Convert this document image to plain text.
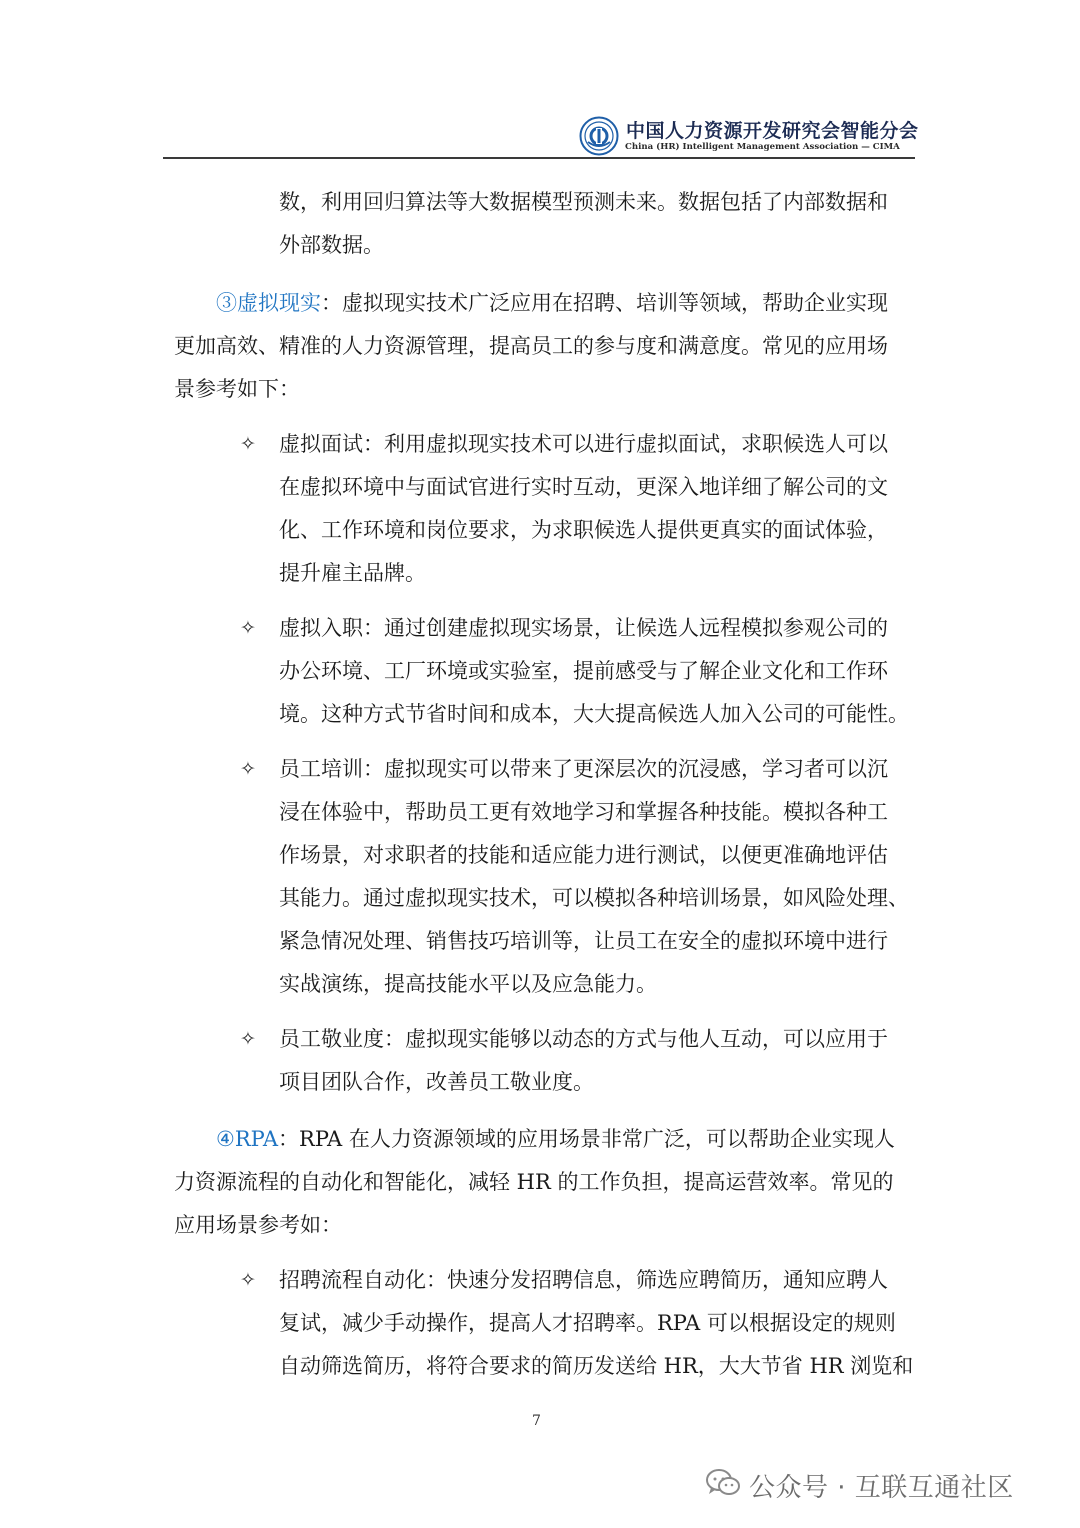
中国人力资源开发研究会智能分会
China (HR) Intelligent Management Association — CIMA
数，利用回归算法等大数据模型预测未来。数据包括了内部数据和
外部数据。
③虚拟现实：虚拟现实技术广泛应用在招聘、培训等领域，帮助企业实现
更加高效、精准的人力资源管理，提高员工的参与度和满意度。常见的应用场
景参考如下：
✧ 虚拟面试：利用虚拟现实技术可以进行虚拟面试，求职候选人可以
在虚拟环境中与面试官进行实时互动，更深入地详细了解公司的文
化、工作环境和岗位要求，为求职候选人提供更真实的面试体验，
提升雇主品牌。
✧ 虚拟入职：通过创建虚拟现实场景，让候选人远程模拟参观公司的
办公环境、工厂环境或实验室，提前感受与了解企业文化和工作环
境。这种方式节省时间和成本，大大提高候选人加入公司的可能性。
✧ 员工培训：虚拟现实可以带来了更深层次的沉浸感，学习者可以沉
浸在体验中，帮助员工更有效地学习和掌握各种技能。模拟各种工
作场景，对求职者的技能和适应能力进行测试，以便更准确地评估
其能力。通过虚拟现实技术，可以模拟各种培训场景，如风险处理、
紧急情况处理、销售技巧培训等，让员工在安全的虚拟环境中进行
实战演练，提高技能水平以及应急能力。
✧ 员工敬业度：虚拟现实能够以动态的方式与他人互动，可以应用于
项目团队合作，改善员工敬业度。
④RPA：RPA 在人力资源领域的应用场景非常广泛，可以帮助企业实现人
力资源流程的自动化和智能化，减轻 HR 的工作负担，提高运营效率。常见的
应用场景参考如：
✧ 招聘流程自动化：快速分发招聘信息，筛选应聘简历，通知应聘人
复试，减少手动操作，提高人才招聘率。RPA 可以根据设定的规则
自动筛选简历，将符合要求的简历发送给 HR，大大节省 HR 浏览和
7
公众号 · 互联互通社区
